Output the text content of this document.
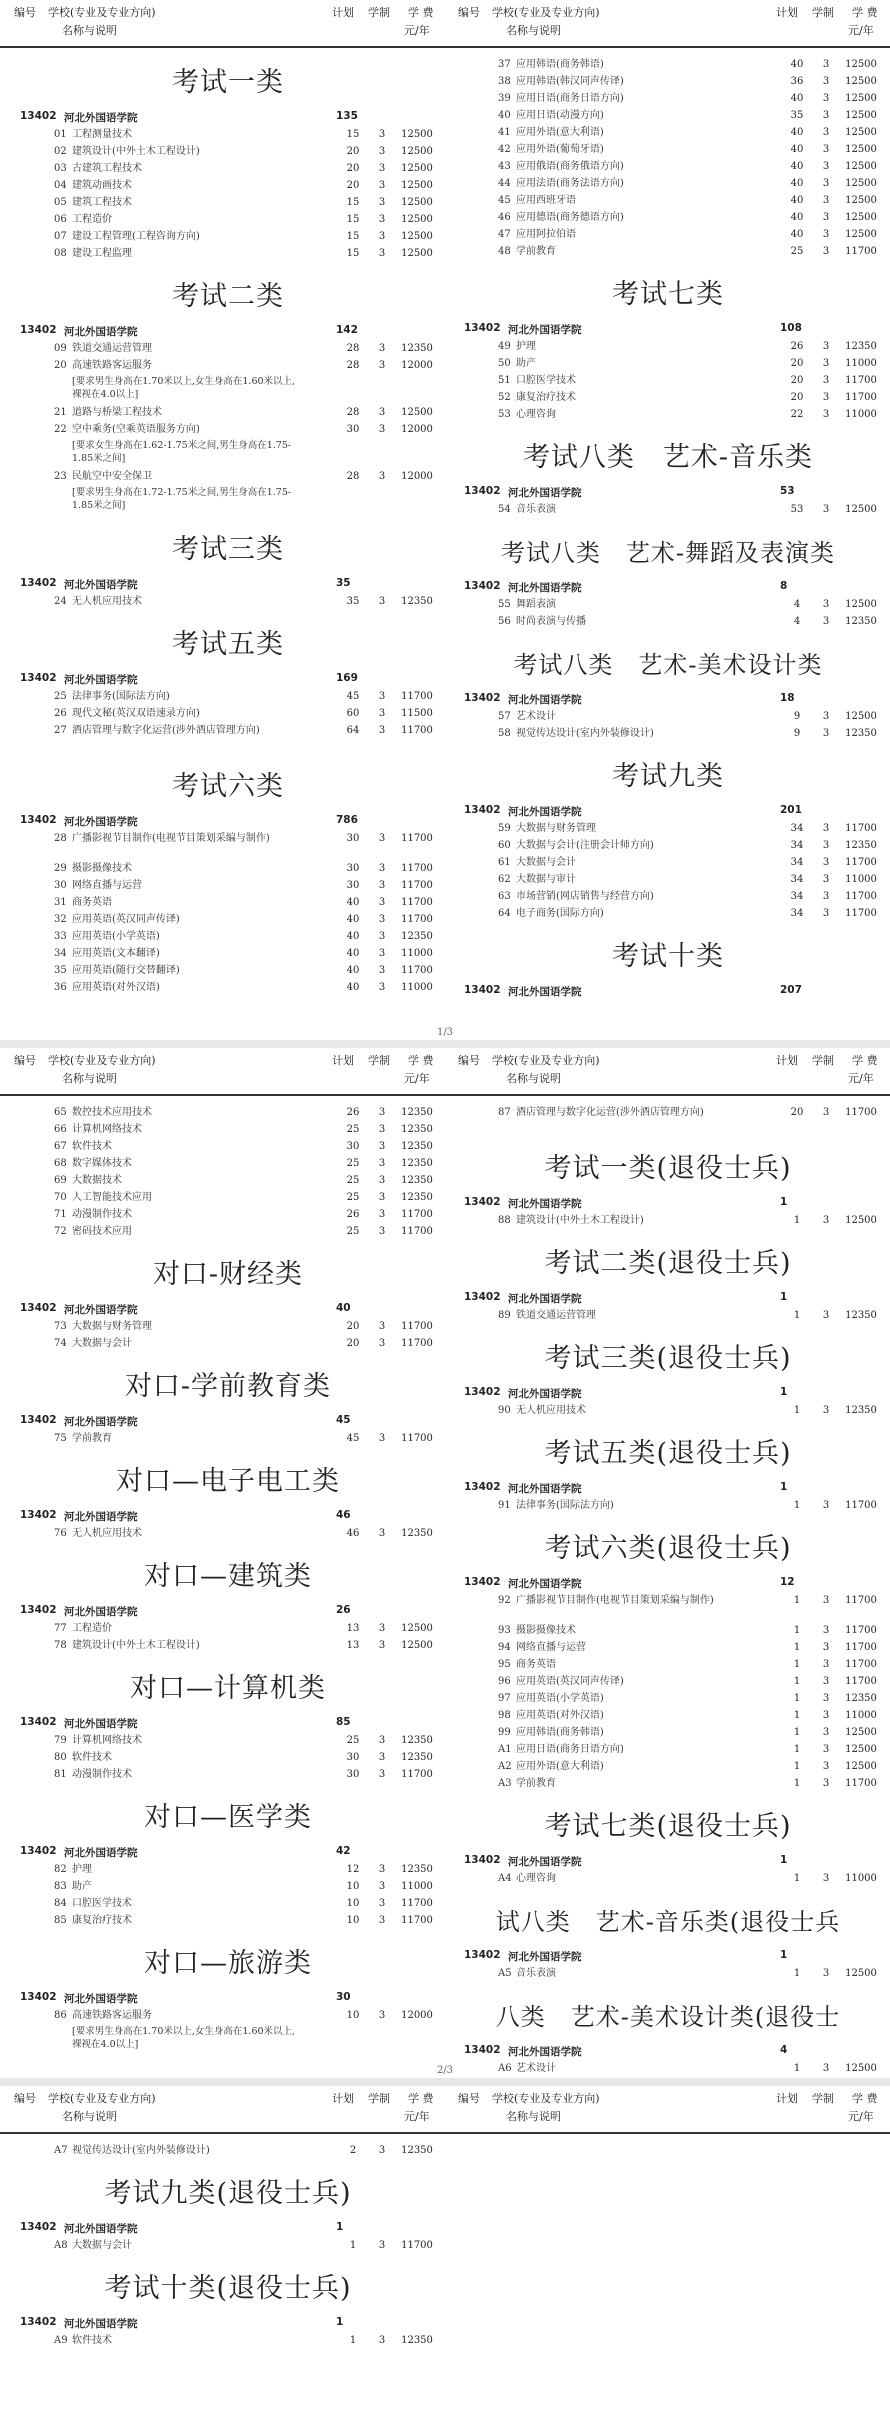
编号 学校(专业及专业方向)
名称与说明
计划 学制 学 费
元/年
编号 学校(专业及专业方向)
名称与说明
计划 学制 学 费
元/年
考试一类
13402 河北外国语学院	135
01 工程测量技术	15	3	12500
02 建筑设计(中外土木工程设计)	20	3	12500
03 古建筑工程技术	20	3	12500
04 建筑动画技术	20	3	12500
05 建筑工程技术	15	3	12500
06 工程造价	15	3	12500
07 建设工程管理(工程咨询方向)	15	3	12500
08 建设工程监理	15	3	12500
考试二类
13402 河北外国语学院	142
09 铁道交通运营管理	28	3	12350
20 高速铁路客运服务	28	3	12000
[要求男生身高在1.70米以上,女生身高在1.60米以上,裸视在4.0以上]
21 道路与桥梁工程技术	28	3	12500
22 空中乘务(空乘英语服务方向)	30	3	12000
[要求女生身高在1.62-1.75米之间,男生身高在1.75-1.85米之间]
23 民航空中安全保卫	28	3	12000
[要求男生身高在1.72-1.75米之间,男生身高在1.75-1.85米之间]
考试三类
13402 河北外国语学院	35
24 无人机应用技术	35	3	12350
考试五类
13402 河北外国语学院	169
25 法律事务(国际法方向)	45	3	11700
26 现代文秘(英汉双语速录方向)	60	3	11500
27 酒店管理与数字化运营(涉外酒店管理方向)	64	3	11700
考试六类
13402 河北外国语学院	786
28 广播影视节目制作(电视节目策划采编与制作)	30	3	11700
29 摄影摄像技术	30	3	11700
30 网络直播与运营	30	3	11700
31 商务英语	40	3	11700
32 应用英语(英汉同声传译)	40	3	11700
33 应用英语(小学英语)	40	3	12350
34 应用英语(文本翻译)	40	3	11000
35 应用英语(随行交替翻译)	40	3	11700
36 应用英语(对外汉语)	40	3	11000
37 应用韩语(商务韩语)	40	3	12500
38 应用韩语(韩汉同声传译)	36	3	12500
39 应用日语(商务日语方向)	40	3	12500
40 应用日语(动漫方向)	35	3	12500
41 应用外语(意大利语)	40	3	12500
42 应用外语(葡萄牙语)	40	3	12500
43 应用俄语(商务俄语方向)	40	3	12500
44 应用法语(商务法语方向)	40	3	12500
45 应用西班牙语	40	3	12500
46 应用德语(商务德语方向)	40	3	12500
47 应用阿拉伯语	40	3	12500
48 学前教育	25	3	11700
考试七类
13402 河北外国语学院	108
49 护理	26	3	12350
50 助产	20	3	11000
51 口腔医学技术	20	3	11700
52 康复治疗技术	20	3	11700
53 心理咨询	22	3	11000
考试八类　艺术-音乐类
13402 河北外国语学院	53
54 音乐表演	53	3	12500
考试八类　艺术-舞蹈及表演类
13402 河北外国语学院	8
55 舞蹈表演	4	3	12500
56 时尚表演与传播	4	3	12350
考试八类　艺术-美术设计类
13402 河北外国语学院	18
57 艺术设计	9	3	12500
58 视觉传达设计(室内外装修设计)	9	3	12350
考试九类
13402 河北外国语学院	201
59 大数据与财务管理	34	3	11700
60 大数据与会计(注册会计师方向)	34	3	12350
61 大数据与会计	34	3	11700
62 大数据与审计	34	3	11000
63 市场营销(网店销售与经营方向)	34	3	11700
64 电子商务(国际方向)	34	3	11700
考试十类
13402 河北外国语学院	207
1/3
编号 学校(专业及专业方向)
名称与说明
计划 学制 学 费
元/年
编号 学校(专业及专业方向)
名称与说明
计划 学制 学 费
元/年
65 数控技术应用技术	26	3	12350
66 计算机网络技术	25	3	12350
67 软件技术	30	3	12350
68 数字媒体技术	25	3	12350
69 大数据技术	25	3	12350
70 人工智能技术应用	25	3	12350
71 动漫制作技术	26	3	11700
72 密码技术应用	25	3	11700
对口-财经类
13402 河北外国语学院	40
73 大数据与财务管理	20	3	11700
74 大数据与会计	20	3	11700
对口-学前教育类
13402 河北外国语学院	45
75 学前教育	45	3	11700
对口—电子电工类
13402 河北外国语学院	46
76 无人机应用技术	46	3	12350
对口—建筑类
13402 河北外国语学院	26
77 工程造价	13	3	12500
78 建筑设计(中外土木工程设计)	13	3	12500
对口—计算机类
13402 河北外国语学院	85
79 计算机网络技术	25	3	12350
80 软件技术	30	3	12350
81 动漫制作技术	30	3	11700
对口—医学类
13402 河北外国语学院	42
82 护理	12	3	12350
83 助产	10	3	11000
84 口腔医学技术	10	3	11700
85 康复治疗技术	10	3	11700
对口—旅游类
13402 河北外国语学院	30
86 高速铁路客运服务	10	3	12000
[要求男生身高在1.70米以上,女生身高在1.60米以上,裸视在4.0以上]
87 酒店管理与数字化运营(涉外酒店管理方向)	20	3	11700
考试一类(退役士兵)
13402 河北外国语学院	1
88 建筑设计(中外土木工程设计)	1	3	12500
考试二类(退役士兵)
13402 河北外国语学院	1
89 铁道交通运营管理	1	3	12350
考试三类(退役士兵)
13402 河北外国语学院	1
90 无人机应用技术	1	3	12350
考试五类(退役士兵)
13402 河北外国语学院	1
91 法律事务(国际法方向)	1	3	11700
考试六类(退役士兵)
13402 河北外国语学院	12
92 广播影视节目制作(电视节目策划采编与制作)	1	3	11700
93 摄影摄像技术	1	3	11700
94 网络直播与运营	1	3	11700
95 商务英语	1	3	11700
96 应用英语(英汉同声传译)	1	3	11700
97 应用英语(小学英语)	1	3	12350
98 应用英语(对外汉语)	1	3	11000
99 应用韩语(商务韩语)	1	3	12500
A1 应用日语(商务日语方向)	1	3	12500
A2 应用外语(意大利语)	1	3	12500
A3 学前教育	1	3	11700
考试七类(退役士兵)
13402 河北外国语学院	1
A4 心理咨询	1	3	11000
试八类　艺术-音乐类(退役士兵
13402 河北外国语学院	1
A5 音乐表演	1	3	12500
八类　艺术-美术设计类(退役士
13402 河北外国语学院	4
A6 艺术设计	1	3	12500
2/3
编号 学校(专业及专业方向)
名称与说明
计划 学制 学 费
元/年
编号 学校(专业及专业方向)
名称与说明
计划 学制 学 费
元/年
A7 视觉传达设计(室内外装修设计)	2	3	12350
考试九类(退役士兵)
13402 河北外国语学院	1
A8 大数据与会计	1	3	11700
考试十类(退役士兵)
13402 河北外国语学院	1
A9 软件技术	1	3	12350
